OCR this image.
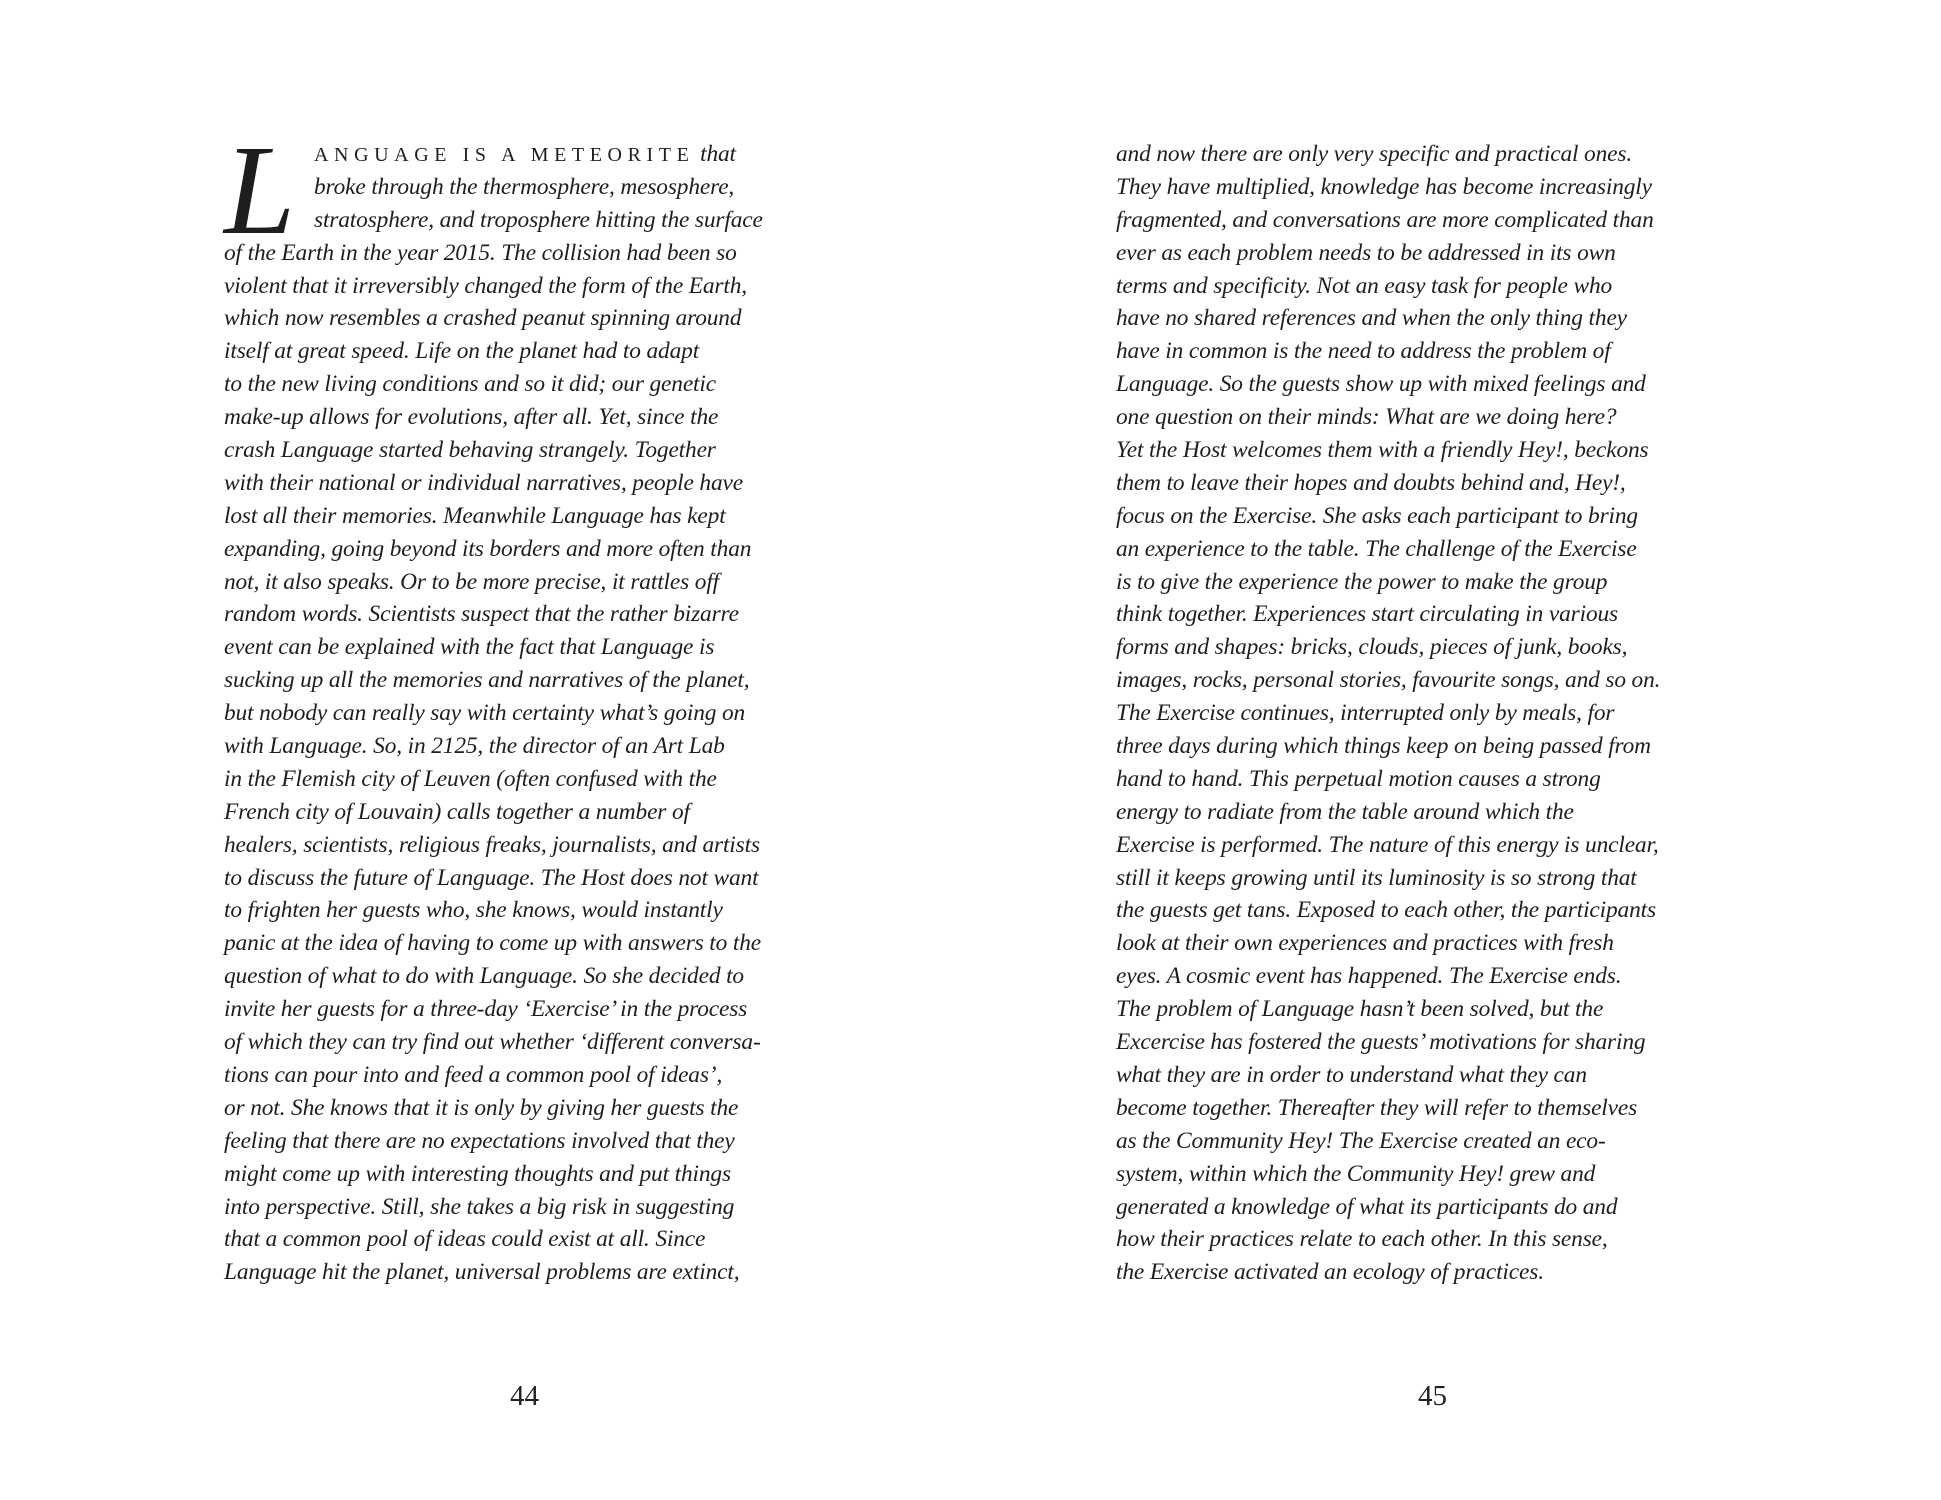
L ANGUAGE IS A METEORITE that
broke through the thermosphere, mesosphere,
stratosphere, and troposphere hitting the surface
of the Earth in the year 2015. The collision had been so
violent that it irreversibly changed the form of the Earth,
which now resembles a crashed peanut spinning around
itself at great speed. Life on the planet had to adapt
to the new living conditions and so it did; our genetic
make-up allows for evolutions, after all. Yet, since the
crash Language started behaving strangely. Together
with their national or individual narratives, people have
lost all their memories. Meanwhile Language has kept
expanding, going beyond its borders and more often than
not, it also speaks. Or to be more precise, it rattles off
random words. Scientists suspect that the rather bizarre
event can be explained with the fact that Language is
sucking up all the memories and narratives of the planet,
but nobody can really say with certainty what’s going on
with Language. So, in 2125, the director of an Art Lab
in the Flemish city of Leuven (often confused with the
French city of Louvain) calls together a number of
healers, scientists, religious freaks, journalists, and artists
to discuss the future of Language. The Host does not want
to frighten her guests who, she knows, would instantly
panic at the idea of having to come up with answers to the
question of what to do with Language. So she decided to
invite her guests for a three-day ‘Exercise’ in the process
of which they can try find out whether ‘different conversa-
tions can pour into and feed a common pool of ideas’,
or not. She knows that it is only by giving her guests the
feeling that there are no expectations involved that they
might come up with interesting thoughts and put things
into perspective. Still, she takes a big risk in suggesting
that a common pool of ideas could exist at all. Since
Language hit the planet, universal problems are extinct,
44
and now there are only very specific and practical ones.
They have multiplied, knowledge has become increasingly
fragmented, and conversations are more complicated than
ever as each problem needs to be addressed in its own
terms and specificity. Not an easy task for people who
have no shared references and when the only thing they
have in common is the need to address the problem of
Language. So the guests show up with mixed feelings and
one question on their minds: What are we doing here?
Yet the Host welcomes them with a friendly Hey!, beckons
them to leave their hopes and doubts behind and, Hey!,
focus on the Exercise. She asks each participant to bring
an experience to the table. The challenge of the Exercise
is to give the experience the power to make the group
think together. Experiences start circulating in various
forms and shapes: bricks, clouds, pieces of junk, books,
images, rocks, personal stories, favourite songs, and so on.
The Exercise continues, interrupted only by meals, for
three days during which things keep on being passed from
hand to hand. This perpetual motion causes a strong
energy to radiate from the table around which the
Exercise is performed. The nature of this energy is unclear,
still it keeps growing until its luminosity is so strong that
the guests get tans. Exposed to each other, the participants
look at their own experiences and practices with fresh
eyes. A cosmic event has happened. The Exercise ends.
The problem of Language hasn’t been solved, but the
Excercise has fostered the guests’ motivations for sharing
what they are in order to understand what they can
become together. Thereafter they will refer to themselves
as the Community Hey! The Exercise created an eco-
system, within which the Community Hey! grew and
generated a knowledge of what its participants do and
how their practices relate to each other. In this sense,
the Exercise activated an ecology of practices.
45
